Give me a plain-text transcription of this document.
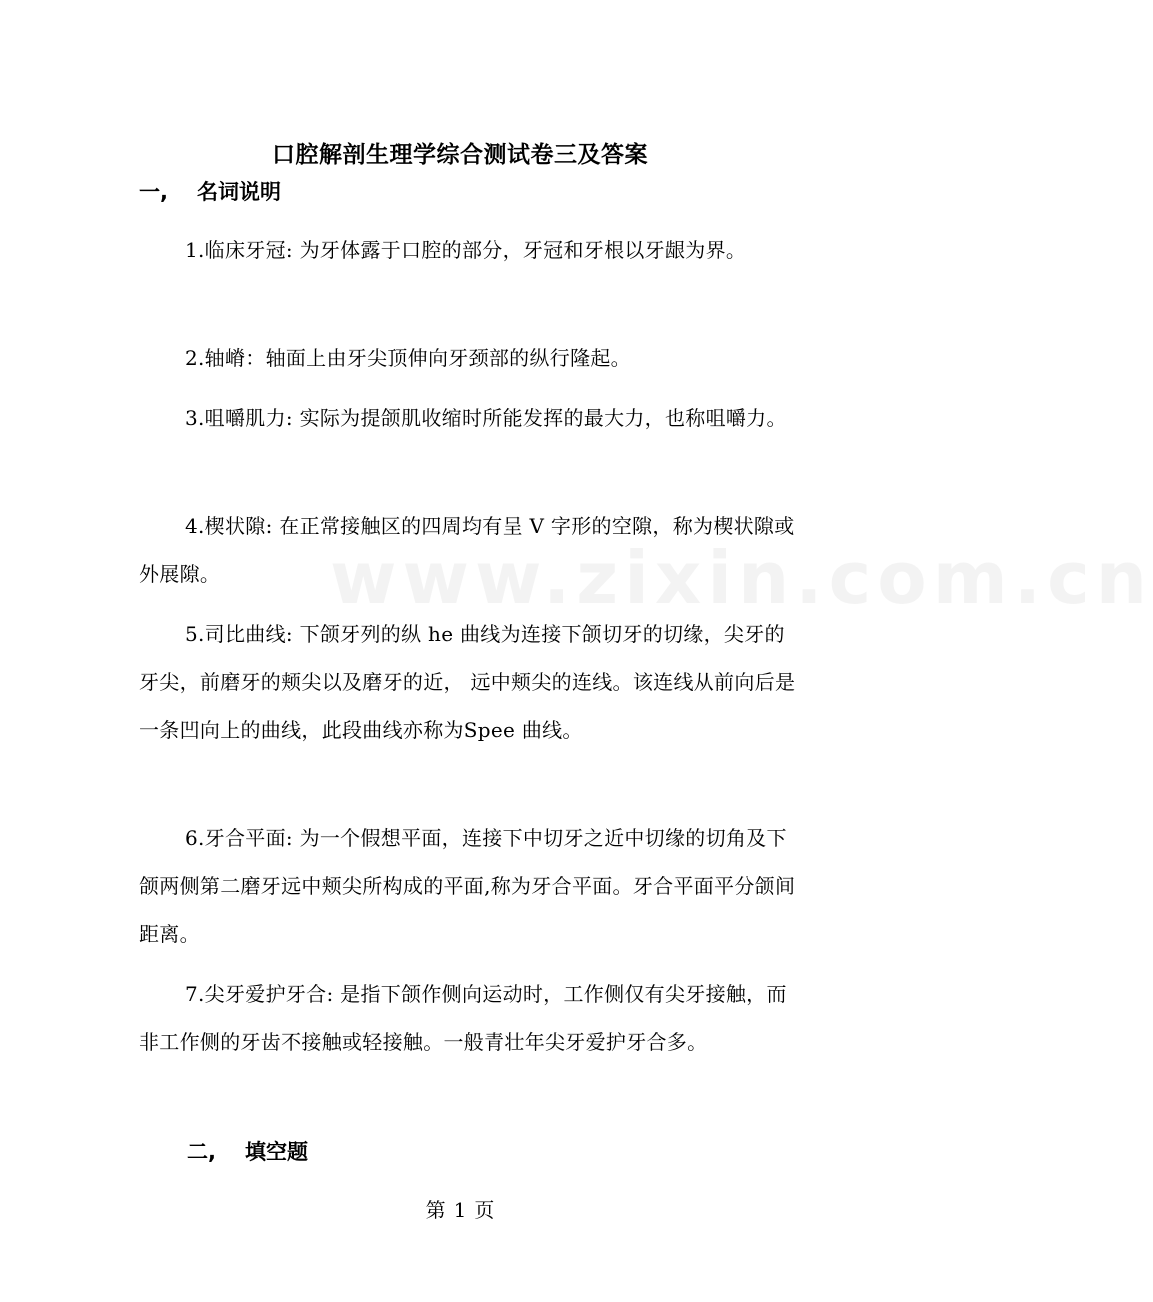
www.zixin.com.cn
口腔解剖生理学综合测试卷三及答案
一, 名词说明

1.临床牙冠: 为牙体露于口腔的部分，牙冠和牙根以牙龈为界。

2.轴嵴：轴面上由牙尖顶伸向牙颈部的纵行隆起。

3.咀嚼肌力: 实际为提颌肌收缩时所能发挥的最大力，也称咀嚼力。

4.楔状隙: 在正常接触区的四周均有呈 V 字形的空隙，称为楔状隙或外展隙。

5.司比曲线: 下颌牙列的纵 he 曲线为连接下颌切牙的切缘，尖牙的牙尖，前磨牙的颊尖以及磨牙的近， 远中颊尖的连线。该连线从前向后是一条凹向上的曲线，此段曲线亦称为Spee 曲线。

6.牙合平面: 为一个假想平面，连接下中切牙之近中切缘的切角及下颌两侧第二磨牙远中颊尖所构成的平面,称为牙合平面。牙合平面平分颌间距离。

7.尖牙爱护牙合: 是指下颌作侧向运动时，工作侧仅有尖牙接触，而非工作侧的牙齿不接触或轻接触。一般青壮年尖牙爱护牙合多。

二, 填空题
第 1 页
